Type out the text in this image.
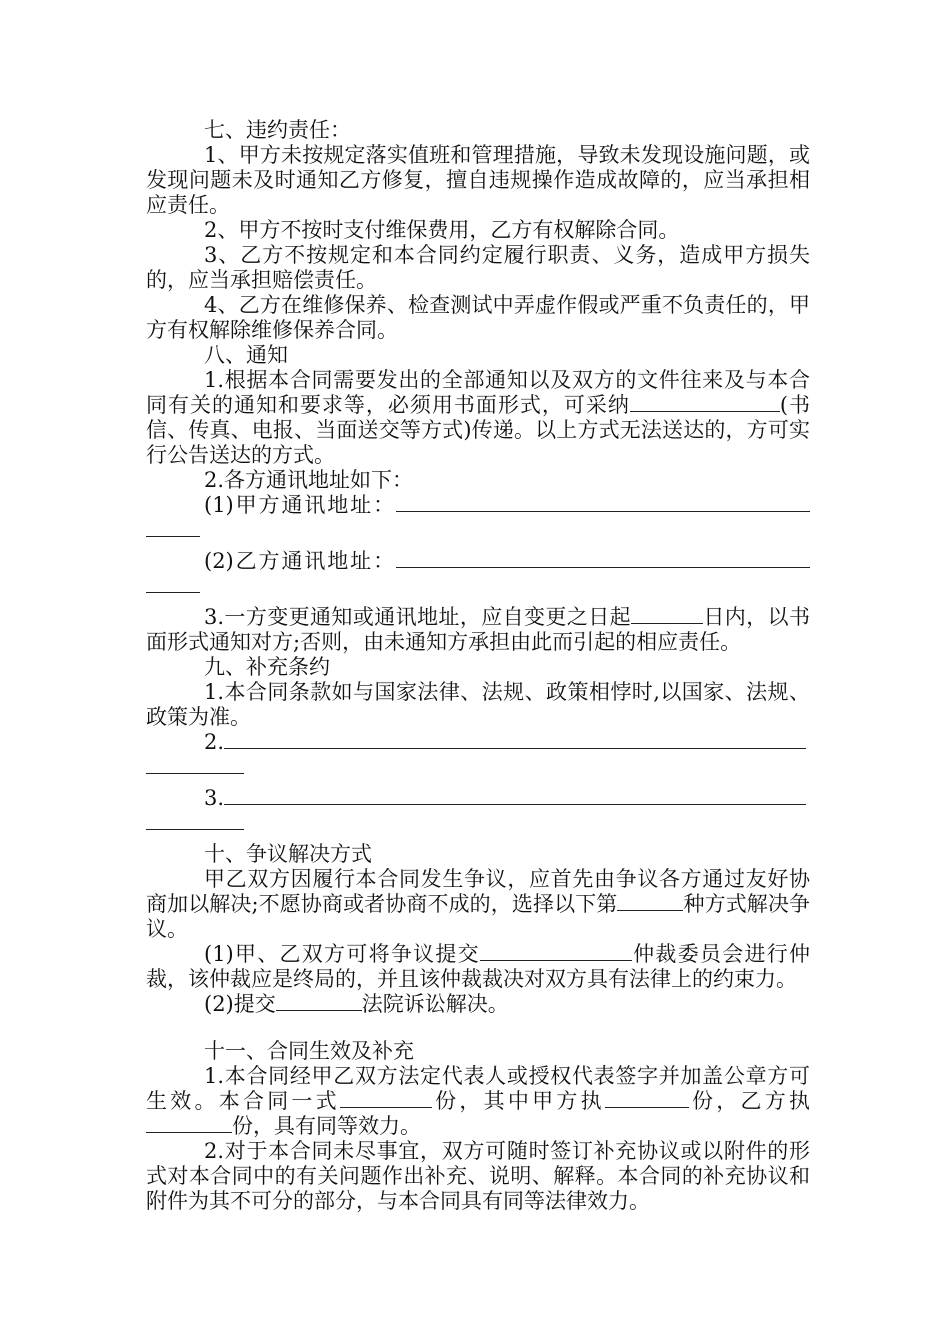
七、违约责任：

1、甲方未按规定落实值班和管理措施，导致未发现设施问题，或发现问题未及时通知乙方修复，擅自违规操作造成故障的，应当承担相应责任。

2、甲方不按时支付维保费用，乙方有权解除合同。

3、乙方不按规定和本合同约定履行职责、义务，造成甲方损失的，应当承担赔偿责任。

4、乙方在维修保养、检查测试中弄虚作假或严重不负责任的，甲方有权解除维修保养合同。

八、通知

1.根据本合同需要发出的全部通知以及双方的文件往来及与本合同有关的通知和要求等，必须用书面形式，可采纳	(书信、传真、电报、当面送交等方式)传递。以上方式无法送达的，方可实行公告送达的方式。

2.各方通讯地址如下：

(1)甲方通讯地址：

(2)乙方通讯地址：

3.一方变更通知或通讯地址，应自变更之日起	日内，以书面形式通知对方;否则，由未通知方承担由此而引起的相应责任。

九、补充条约

1.本合同条款如与国家法律、法规、政策相悖时,以国家、法规、政策为准。

2.

3.

十、争议解决方式

甲乙双方因履行本合同发生争议，应首先由争议各方通过友好协商加以解决;不愿协商或者协商不成的，选择以下第	种方式解决争议。

(1)甲、乙双方可将争议提交	仲裁委员会进行仲裁，该仲裁应是终局的，并且该仲裁裁决对双方具有法律上的约束力。

(2)提交	法院诉讼解决。

十一、合同生效及补充

1.本合同经甲乙双方法定代表人或授权代表签字并加盖公章方可生效。本合同一式	份，其中甲方执	份，乙方执份，具有同等效力。

2.对于本合同未尽事宜，双方可随时签订补充协议或以附件的形式对本合同中的有关问题作出补充、说明、解释。本合同的补充协议和附件为其不可分的部分，与本合同具有同等法律效力。
